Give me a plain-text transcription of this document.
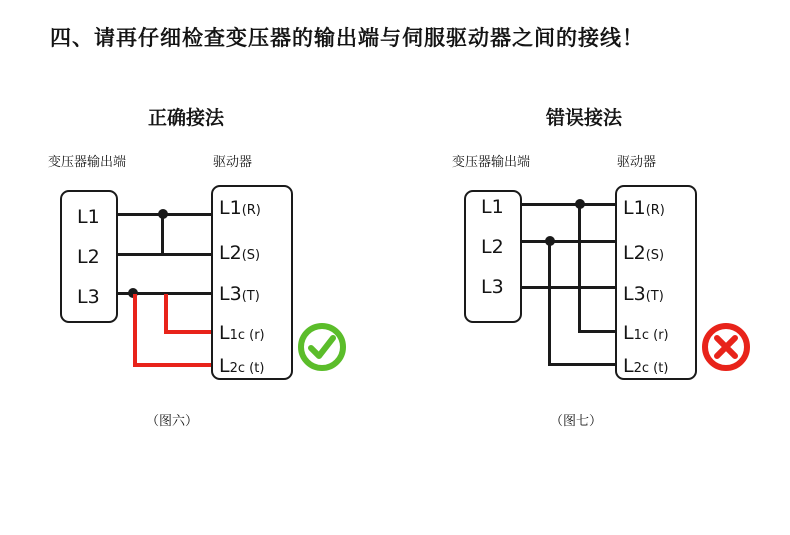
四、请再仔细检查变压器的输出端与伺服驱动器之间的接线！
正确接法
变压器输出端	驱动器
L1
L2
L3
L1(R)
L2(S)
L3(T)
L1c (r)
L2c (t)
（图六）
错误接法
变压器输出端	驱动器
L1
L2
L3
L1(R)
L2(S)
L3(T)
L1c (r)
L2c (t)
（图七）
